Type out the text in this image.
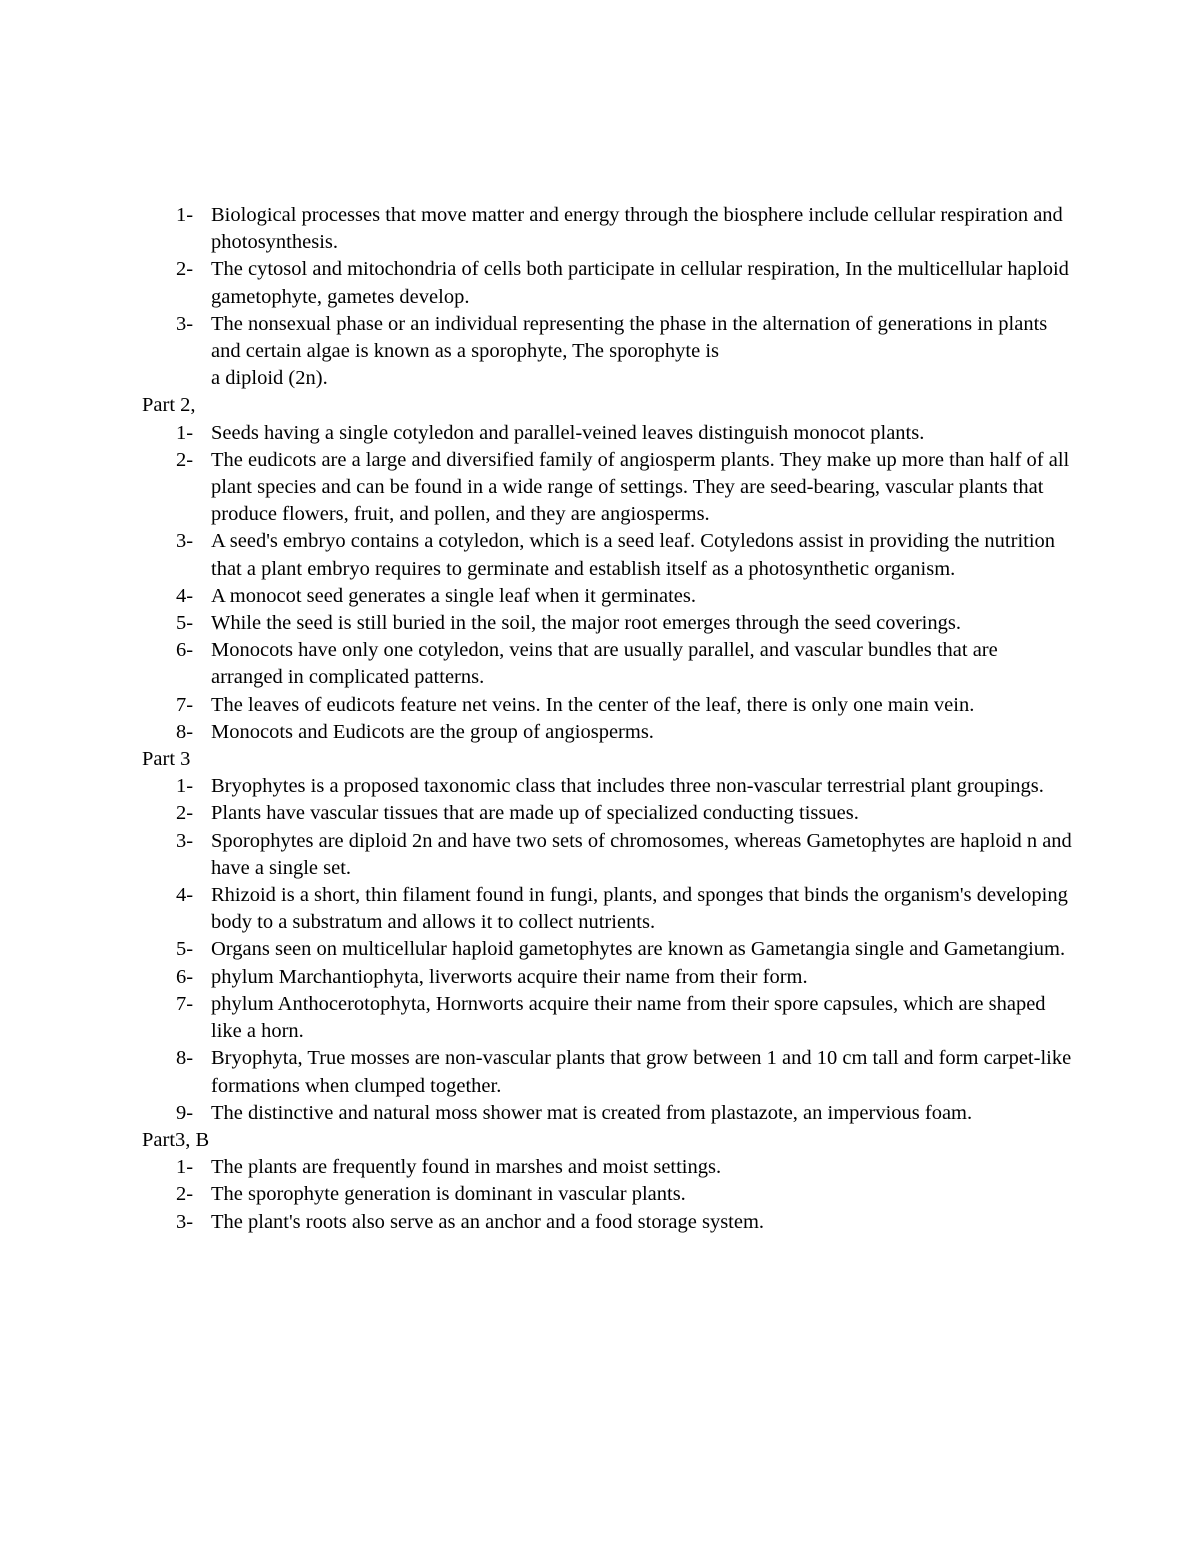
1- Biological processes that move matter and energy through the biosphere include cellular respiration and photosynthesis.
2- The cytosol and mitochondria of cells both participate in cellular respiration, In the multicellular haploid gametophyte, gametes develop.
3- The nonsexual phase or an individual representing the phase in the alternation of generations in plants and certain algae is known as a sporophyte, The sporophyte is
a diploid (2n).

Part 2,

1- Seeds having a single cotyledon and parallel-veined leaves distinguish monocot plants.
2- The eudicots are a large and diversified family of angiosperm plants. They make up more than half of all plant species and can be found in a wide range of settings. They are seed-bearing, vascular plants that produce flowers, fruit, and pollen, and they are angiosperms.
3- A seed's embryo contains a cotyledon, which is a seed leaf. Cotyledons assist in providing the nutrition that a plant embryo requires to germinate and establish itself as a photosynthetic organism.
4- A monocot seed generates a single leaf when it germinates.
5- While the seed is still buried in the soil, the major root emerges through the seed coverings.
6- Monocots have only one cotyledon, veins that are usually parallel, and vascular bundles that are arranged in complicated patterns.
7- The leaves of eudicots feature net veins. In the center of the leaf, there is only one main vein.
8- Monocots and Eudicots are the group of angiosperms.

Part 3

1- Bryophytes is a proposed taxonomic class that includes three non-vascular terrestrial plant groupings.
2- Plants have vascular tissues that are made up of specialized conducting tissues.
3- Sporophytes are diploid 2n and have two sets of chromosomes, whereas Gametophytes are haploid n and have a single set.
4- Rhizoid is a short, thin filament found in fungi, plants, and sponges that binds the organism's developing body to a substratum and allows it to collect nutrients.
5- Organs seen on multicellular haploid gametophytes are known as Gametangia single and Gametangium.
6- phylum Marchantiophyta, liverworts acquire their name from their form.
7- phylum Anthocerotophyta, Hornworts acquire their name from their spore capsules, which are shaped like a horn.
8- Bryophyta, True mosses are non-vascular plants that grow between 1 and 10 cm tall and form carpet-like formations when clumped together.
9- The distinctive and natural moss shower mat is created from plastazote, an impervious foam.

Part3, B

1- The plants are frequently found in marshes and moist settings.
2- The sporophyte generation is dominant in vascular plants.
3- The plant's roots also serve as an anchor and a food storage system.
